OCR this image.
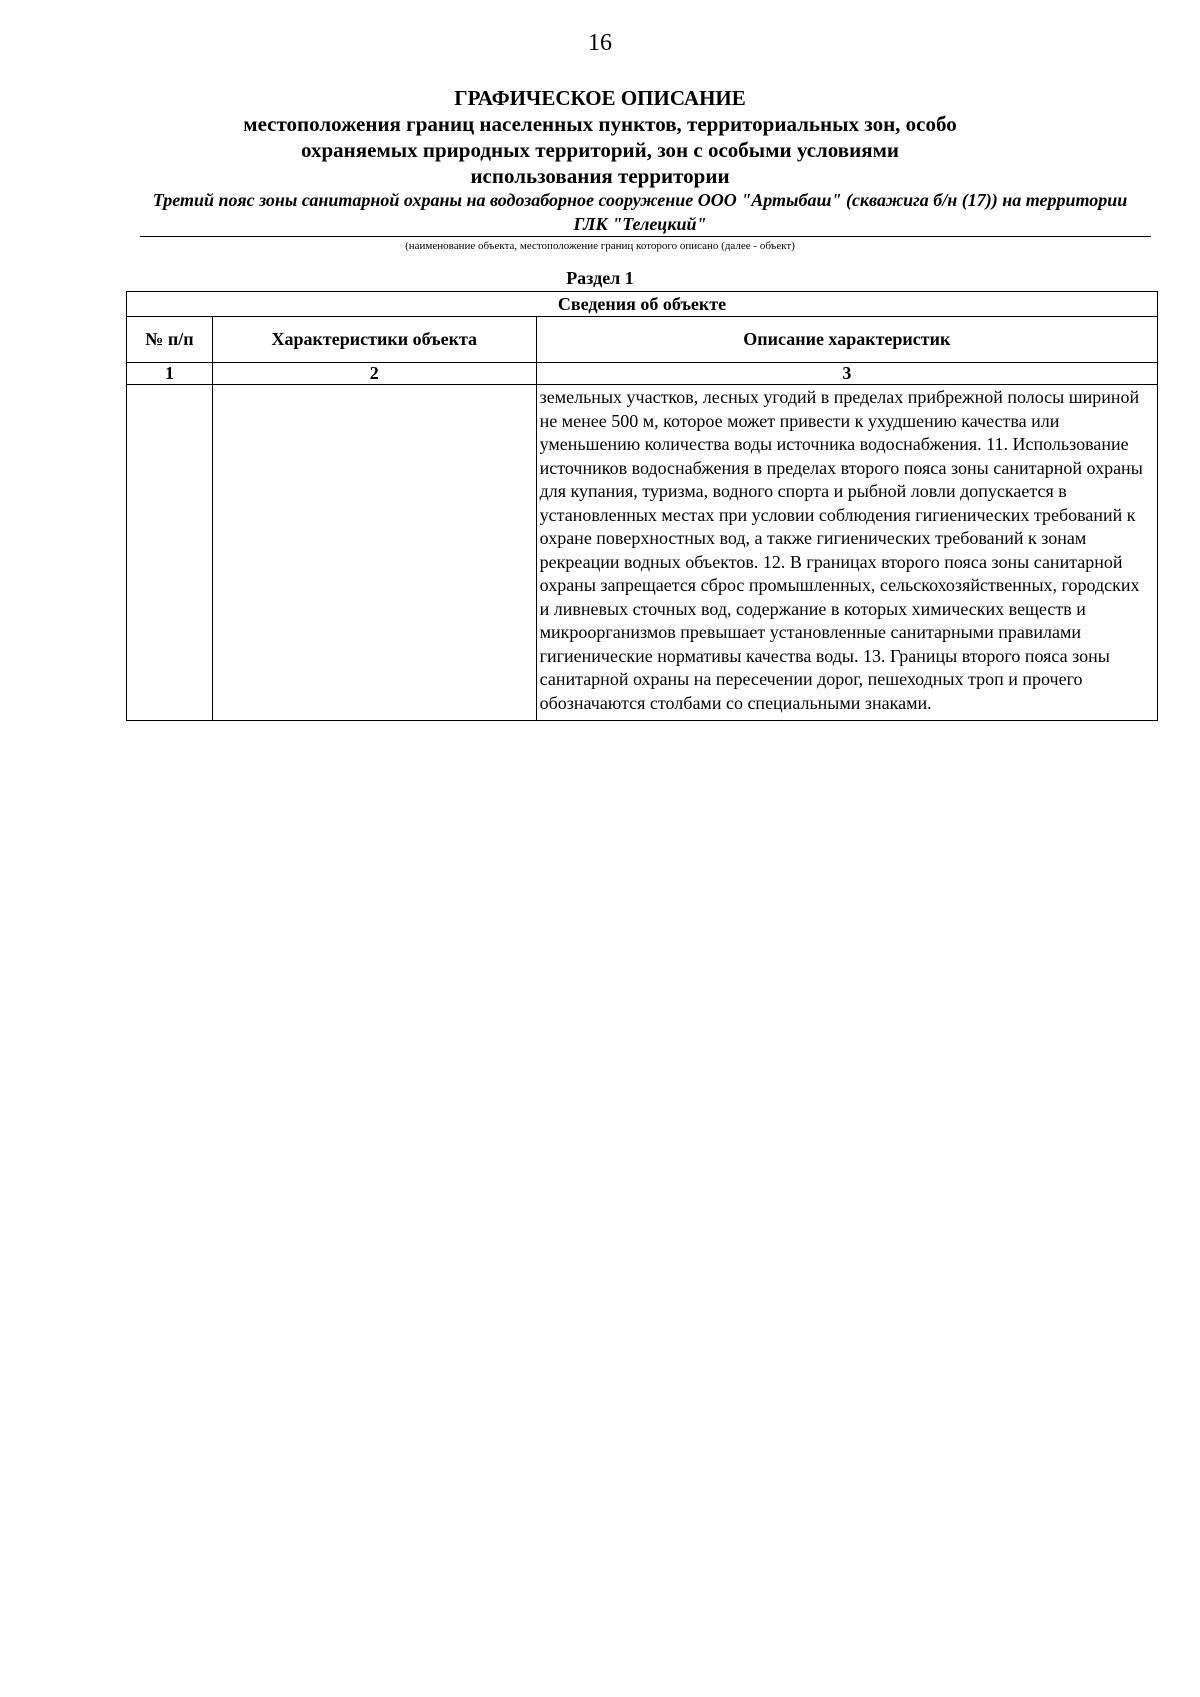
16
ГРАФИЧЕСКОЕ ОПИСАНИЕ
местоположения границ населенных пунктов, территориальных зон, особо охраняемых природных территорий, зон с особыми условиями использования территории
Третий пояс зоны санитарной охраны на водозаборное сооружение ООО "Артыбаш" (скважига б/н (17)) на территории ГЛК "Телецкий"
(наименование объекта, местоположение границ которого описано (далее - объект)
Раздел 1
Сведения об объекте		
№ п/п	Характеристики объекта	Описание характеристик
1	2	3
		земельных участков, лесных угодий в пределах прибрежной полосы шириной не менее 500 м, которое может привести к ухудшению качества или уменьшению количества воды источника водоснабжения. 11. Использование источников водоснабжения в пределах второго пояса зоны санитарной охраны для купания, туризма, водного спорта и рыбной ловли допускается в установленных местах при условии соблюдения гигиенических требований к охране поверхностных вод, а также гигиенических требований к зонам рекреации водных объектов. 12. В границах второго пояса зоны санитарной охраны запрещается сброс промышленных, сельскохозяйственных, городских и ливневых сточных вод, содержание в которых химических веществ и микроорганизмов превышает установленные санитарными правилами гигиенические нормативы качества воды. 13. Границы второго пояса зоны санитарной охраны на пересечении дорог, пешеходных троп и прочего обозначаются столбами со специальными знаками.
